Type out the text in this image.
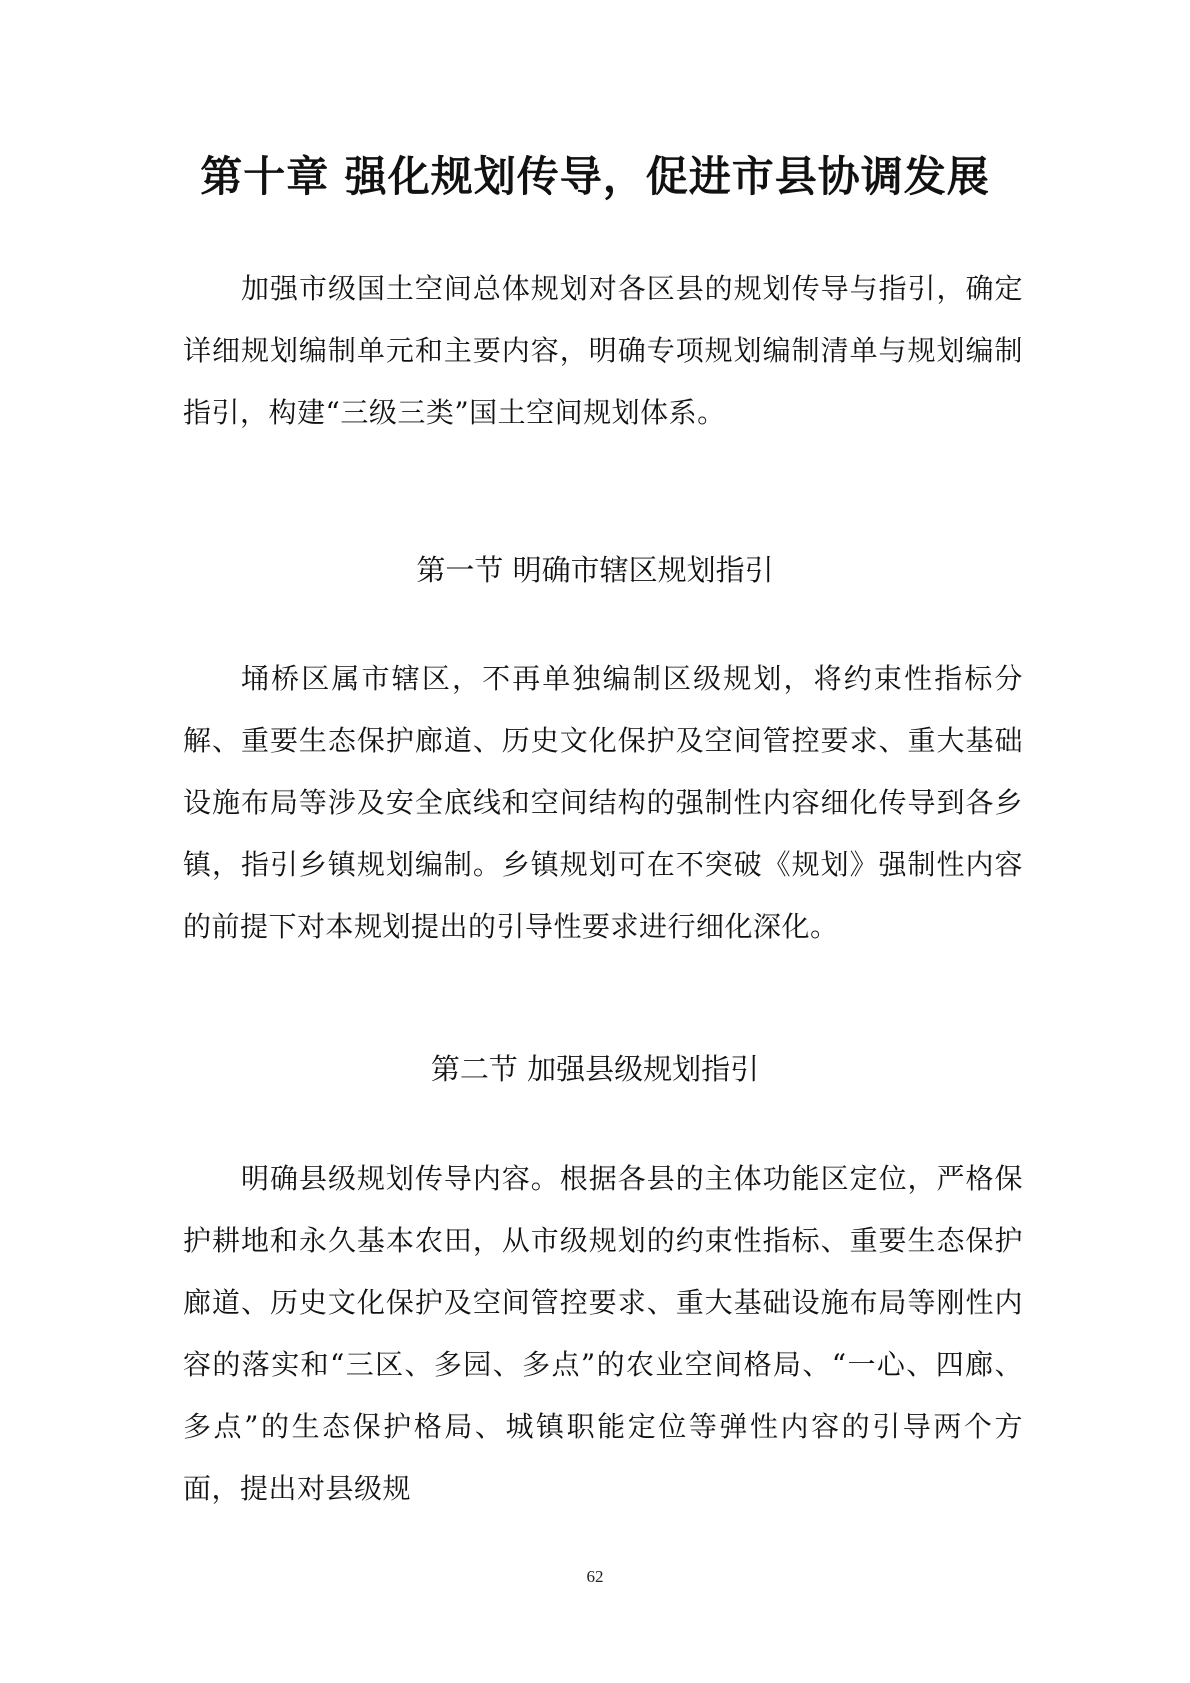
第十章 强化规划传导，促进市县协调发展

加强市级国土空间总体规划对各区县的规划传导与指引，确定详细规划编制单元和主要内容，明确专项规划编制清单与规划编制指引，构建“三级三类”国土空间规划体系。

第一节 明确市辖区规划指引

埇桥区属市辖区，不再单独编制区级规划，将约束性指标分解、重要生态保护廊道、历史文化保护及空间管控要求、重大基础设施布局等涉及安全底线和空间结构的强制性内容细化传导到各乡镇，指引乡镇规划编制。乡镇规划可在不突破《规划》强制性内容的前提下对本规划提出的引导性要求进行细化深化。

第二节 加强县级规划指引

明确县级规划传导内容。根据各县的主体功能区定位，严格保护耕地和永久基本农田，从市级规划的约束性指标、重要生态保护廊道、历史文化保护及空间管控要求、重大基础设施布局等刚性内容的落实和“三区、多园、多点”的农业空间格局、“一心、四廊、多点”的生态保护格局、城镇职能定位等弹性内容的引导两个方面，提出对县级规

62
